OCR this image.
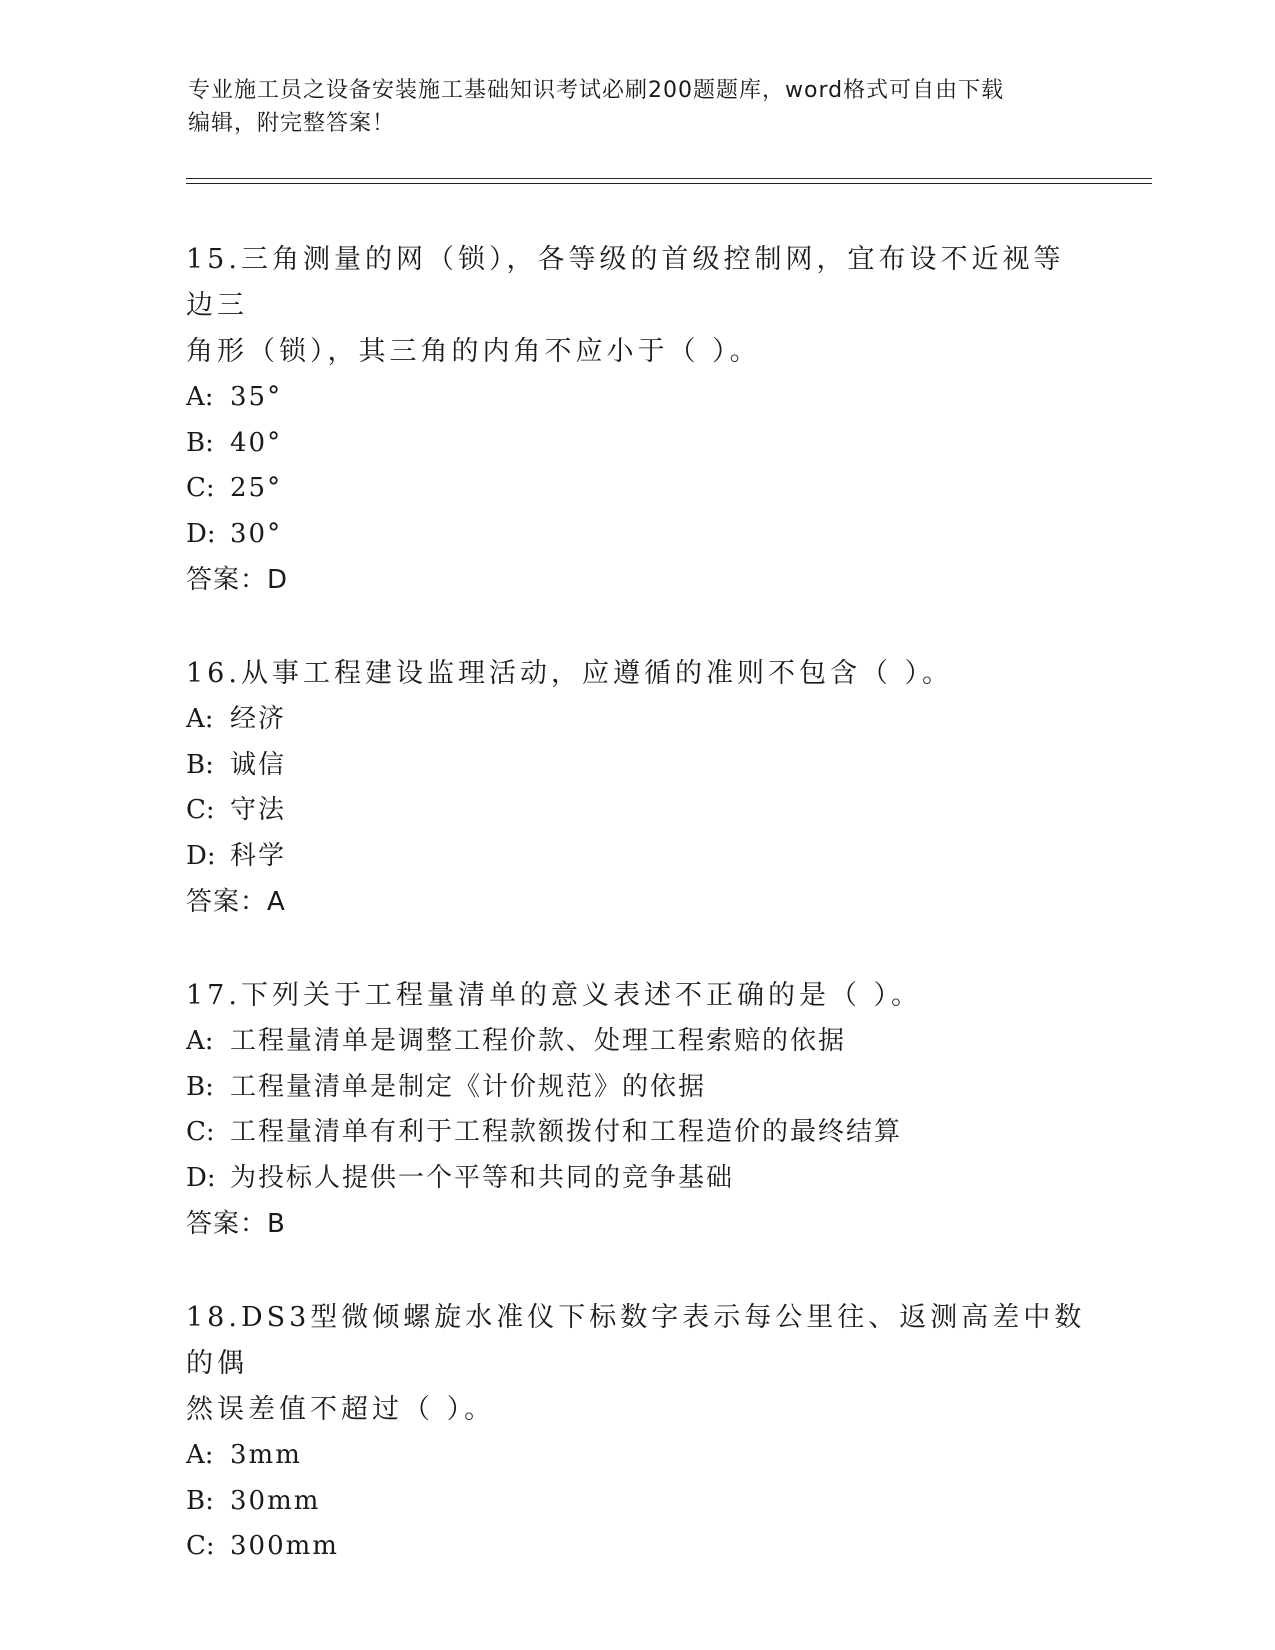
专业施工员之设备安装施工基础知识考试必刷200题题库，word格式可自由下载
编辑，附完整答案！

15.三角测量的网（锁），各等级的首级控制网，宜布设不近视等边三

角形（锁），其三角的内角不应小于（ ）。

A: 35°

B: 40°

C: 25°

D: 30°

答案：D

16.从事工程建设监理活动，应遵循的准则不包含（ ）。

A: 经济

B: 诚信

C: 守法

D: 科学

答案：A

17.下列关于工程量清单的意义表述不正确的是（ ）。

A: 工程量清单是调整工程价款、处理工程索赔的依据

B: 工程量清单是制定《计价规范》的依据

C: 工程量清单有利于工程款额拨付和工程造价的最终结算

D: 为投标人提供一个平等和共同的竞争基础

答案：B

18.DS3型微倾螺旋水准仪下标数字表示每公里往、返测高差中数的偶

然误差值不超过（ ）。

A: 3mm

B: 30mm

C: 300mm
